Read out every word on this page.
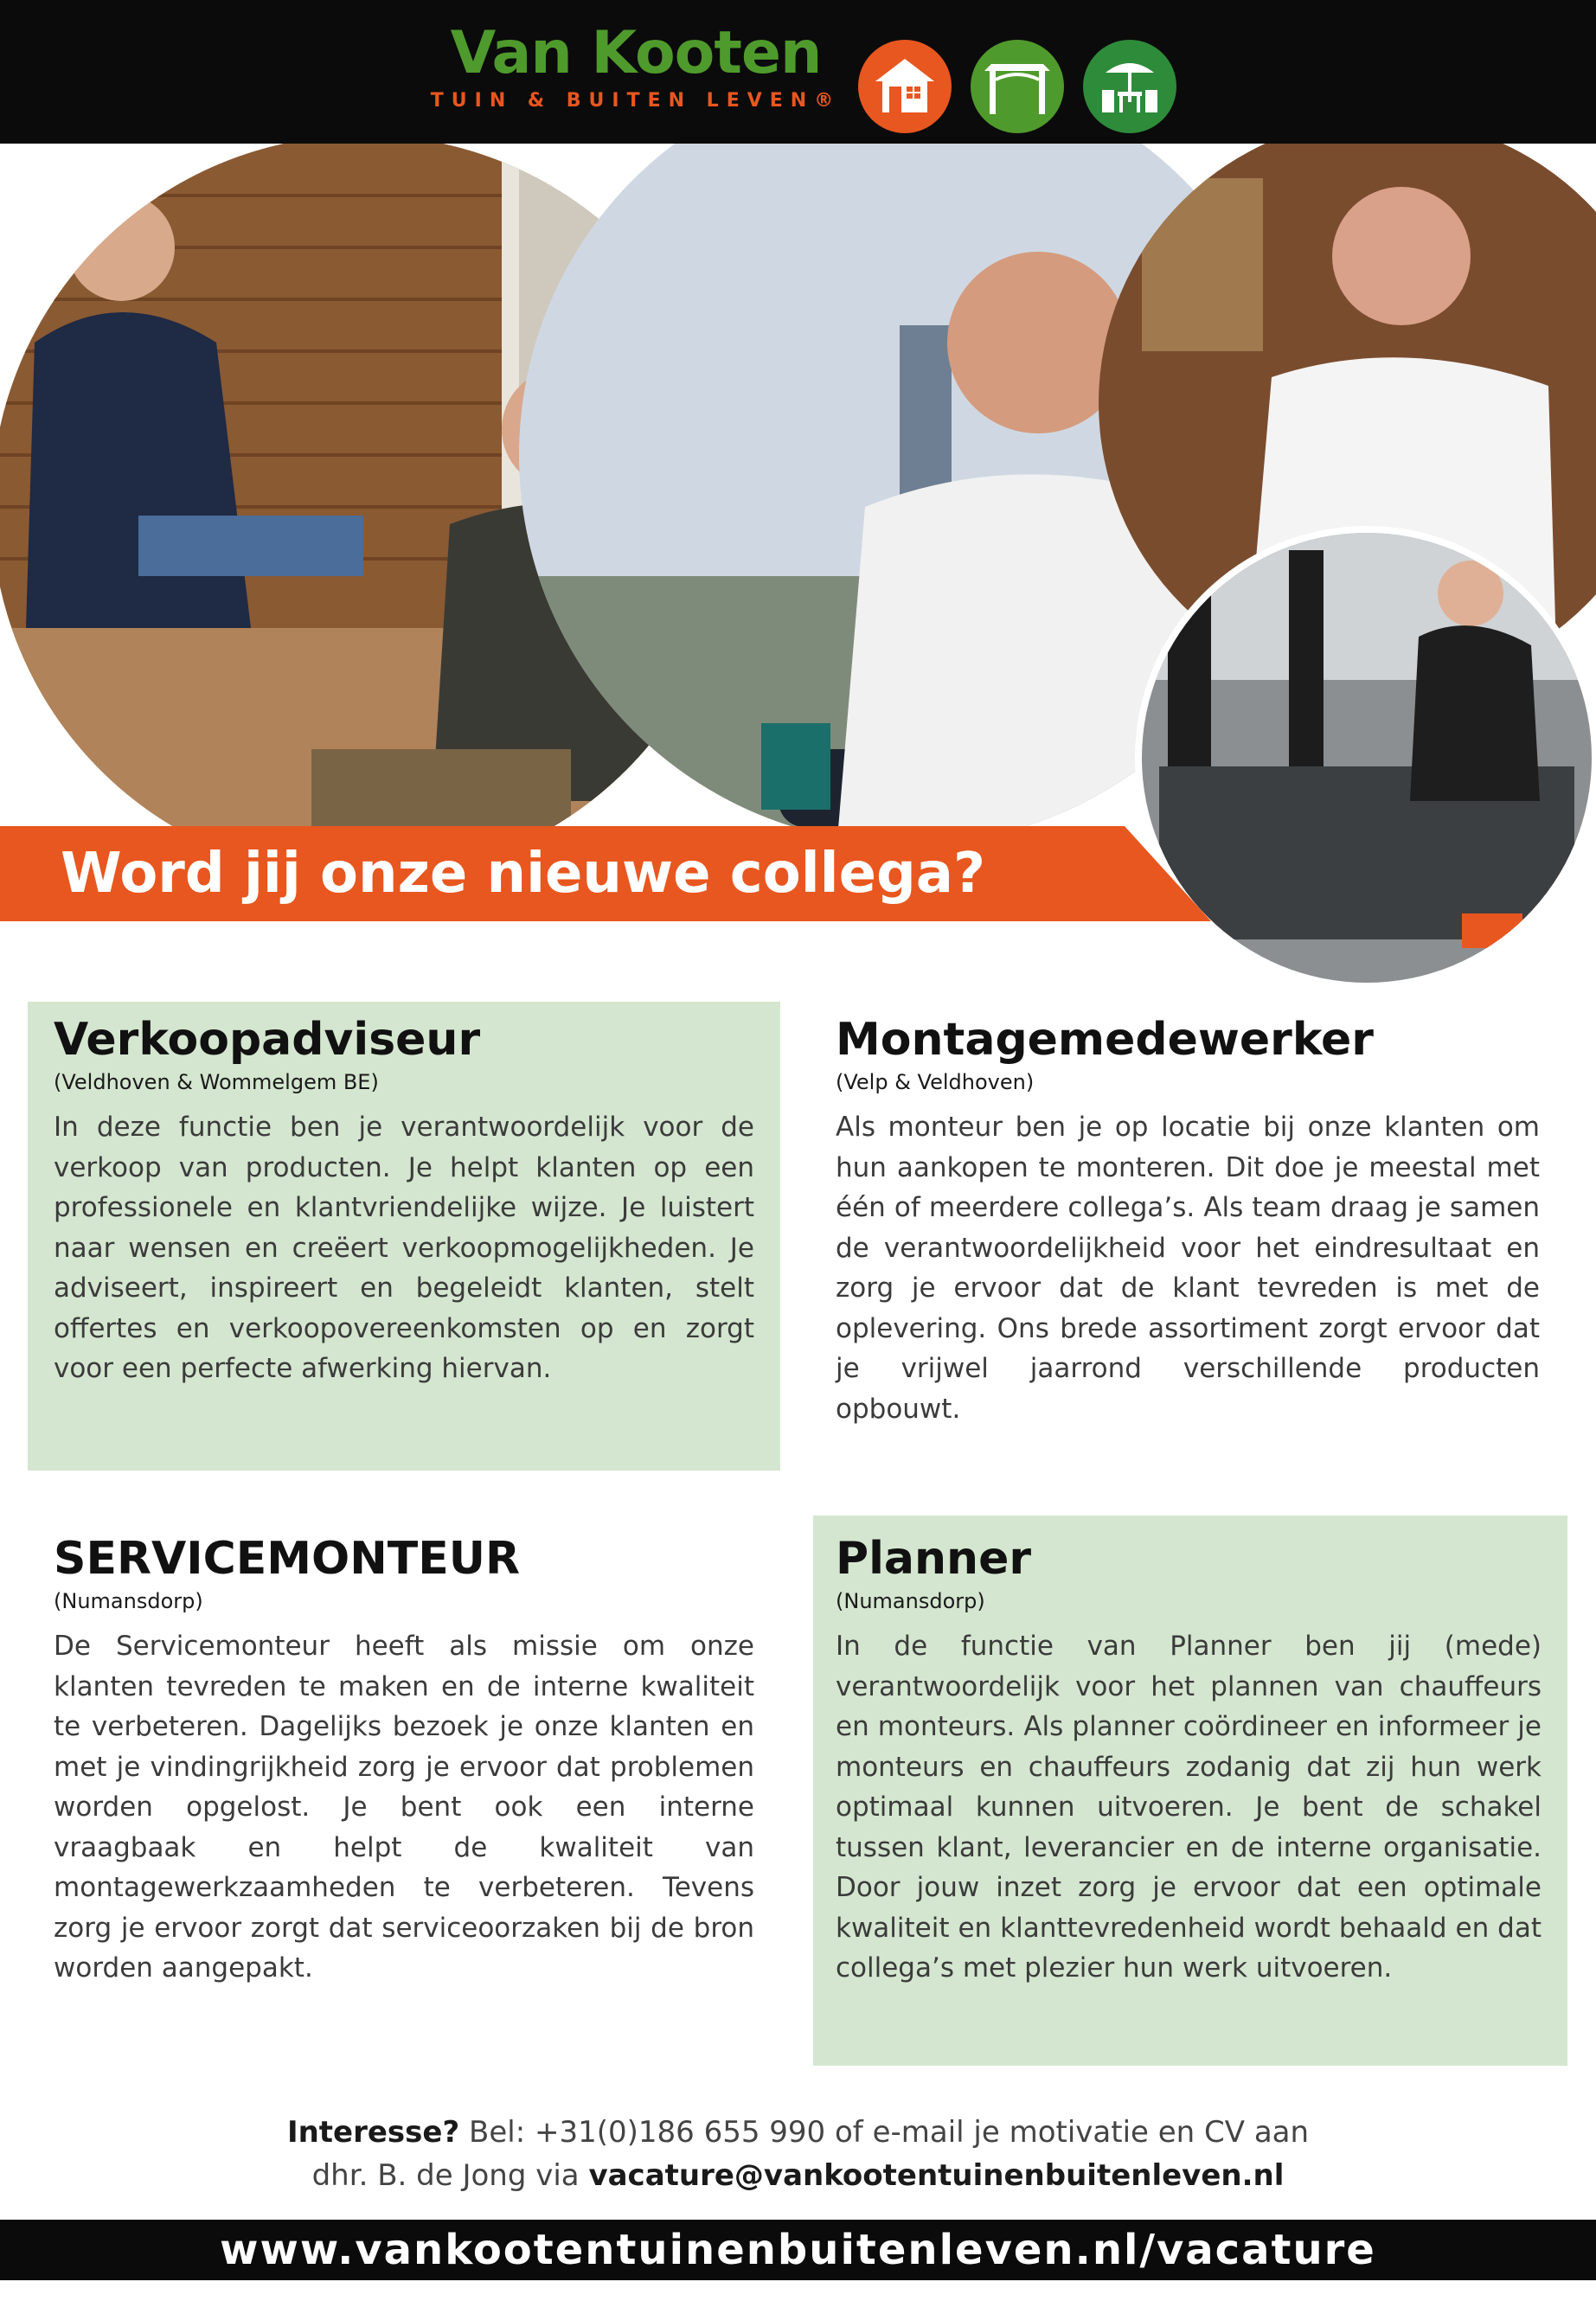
Van Kooten
TUIN & BUITEN LEVEN®
Word jij onze nieuwe collega?
Verkoopadviseur
(Veldhoven & Wommelgem BE)
In deze functie ben je verantwoordelijk voor de verkoop van producten. Je helpt klanten op een professionele en klantvriendelijke wijze. Je luistert naar wensen en creëert verkoopmogelijkheden. Je adviseert, inspireert en begeleidt klanten, stelt offertes en verkoopovereenkomsten op en zorgt voor een perfecte afwerking hiervan.
Montagemedewerker
(Velp & Veldhoven)
Als monteur ben je op locatie bij onze klanten om hun aankopen te monteren. Dit doe je meestal met één of meerdere collega’s. Als team draag je samen de verantwoordelijkheid voor het eindresultaat en zorg je ervoor dat de klant tevreden is met de oplevering. Ons brede assortiment zorgt ervoor dat je vrijwel jaarrond verschillende producten opbouwt.
SERVICEMONTEUR
(Numansdorp)
De Servicemonteur heeft als missie om onze klanten tevreden te maken en de interne kwaliteit te verbeteren. Dagelijks bezoek je onze klanten en met je vindingrijkheid zorg je ervoor dat problemen worden opgelost. Je bent ook een interne vraagbaak en helpt de kwaliteit van montagewerkzaamheden te verbeteren. Tevens zorg je ervoor zorgt dat serviceoorzaken bij de bron worden aangepakt.
Planner
(Numansdorp)
In de functie van Planner ben jij (mede) verantwoordelijk voor het plannen van chauffeurs en monteurs. Als planner coördineer en informeer je monteurs en chauffeurs zodanig dat zij hun werk optimaal kunnen uitvoeren. Je bent de schakel tussen klant, leverancier en de interne organisatie. Door jouw inzet zorg je ervoor dat een optimale kwaliteit en klanttevredenheid wordt behaald en dat collega’s met plezier hun werk uitvoeren.
Interesse? Bel: +31(0)186 655 990 of e-mail je motivatie en CV aan
dhr. B. de Jong via vacature@vankootentuinenbuitenleven.nl
www.vankootentuinenbuitenleven.nl/vacature
